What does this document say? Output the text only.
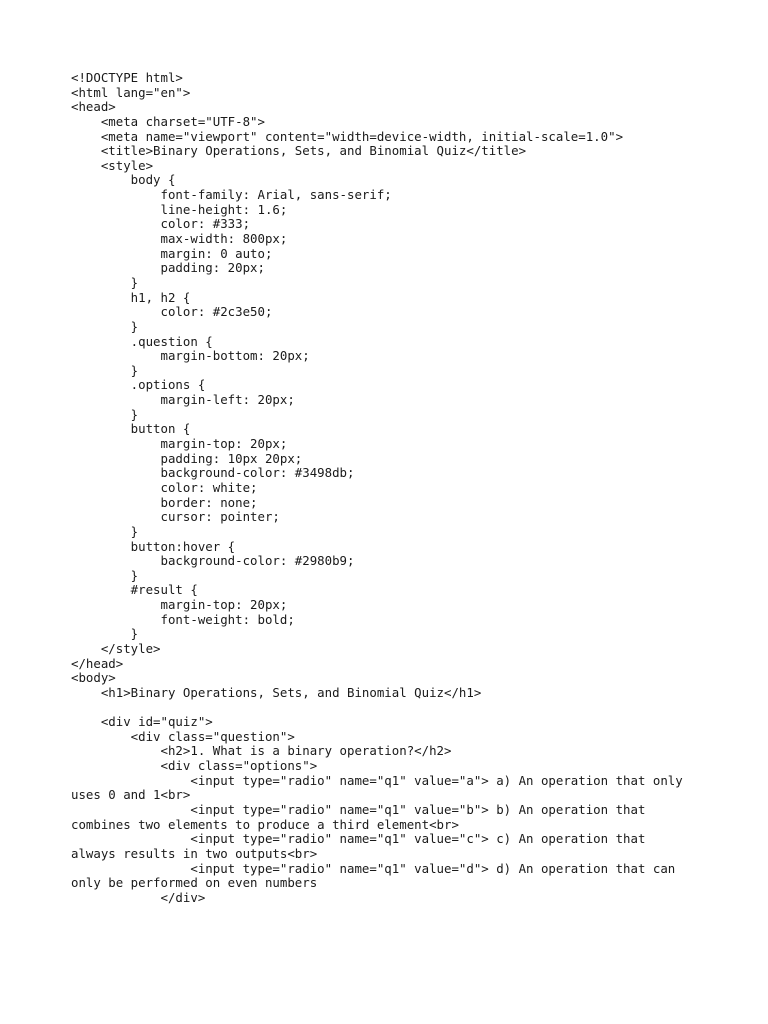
<!DOCTYPE html>
<html lang="en">
<head>
<meta charset="UTF-8">
<meta name="viewport" content="width=device-width, initial-scale=1.0">
<title>Binary Operations, Sets, and Binomial Quiz</title>
<style>
body {
font-family: Arial, sans-serif;
line-height: 1.6;
color: #333;
max-width: 800px;
margin: 0 auto;
padding: 20px;
}
h1, h2 {
color: #2c3e50;
}
.question {
margin-bottom: 20px;
}
.options {
margin-left: 20px;
}
button {
margin-top: 20px;
padding: 10px 20px;
background-color: #3498db;
color: white;
border: none;
cursor: pointer;
}
button:hover {
background-color: #2980b9;
}
#result {
margin-top: 20px;
font-weight: bold;
}
</style>
</head>
<body>
<h1>Binary Operations, Sets, and Binomial Quiz</h1>
<div id="quiz">
<div class="question">
<h2>1. What is a binary operation?</h2>
<div class="options">
<input type="radio" name="q1" value="a"> a) An operation that only
uses 0 and 1<br>
<input type="radio" name="q1" value="b"> b) An operation that
combines two elements to produce a third element<br>
<input type="radio" name="q1" value="c"> c) An operation that
always results in two outputs<br>
<input type="radio" name="q1" value="d"> d) An operation that can
only be performed on even numbers
</div>
